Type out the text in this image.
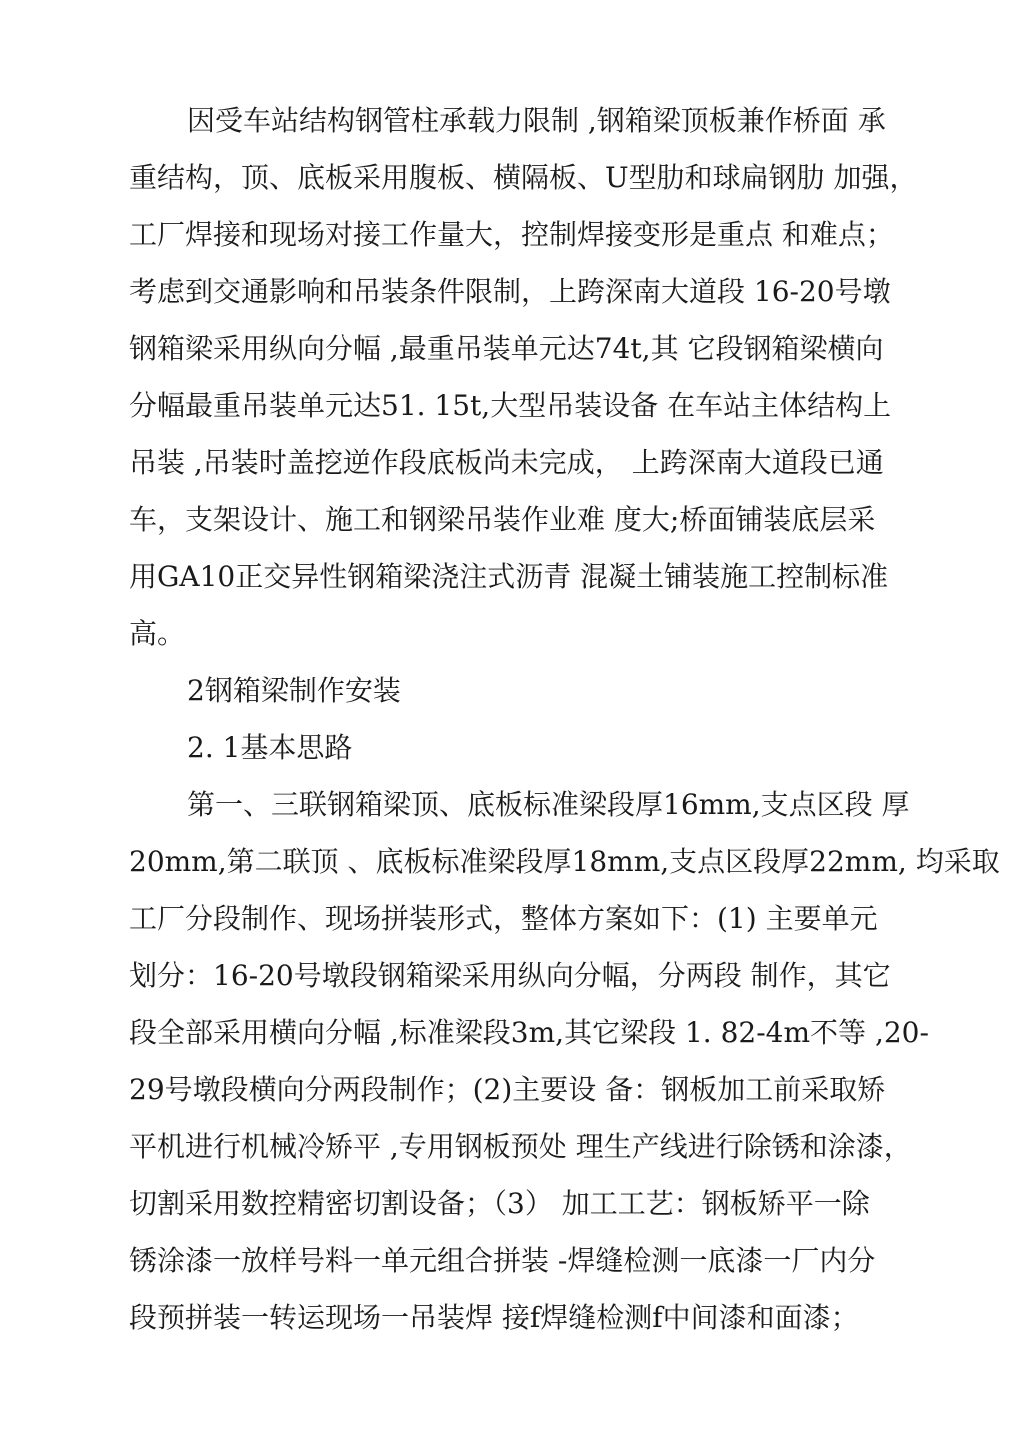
因受车站结构钢管柱承载力限制 ,钢箱梁顶板兼作桥面 承
重结构，顶、底板采用腹板、横隔板、U型肋和球扁钢肋 加强，
工厂焊接和现场对接工作量大，控制焊接变形是重点 和难点；
考虑到交通影响和吊装条件限制，上跨深南大道段 16-20号墩
钢箱梁采用纵向分幅 ,最重吊装单元达74t,其 它段钢箱梁横向
分幅最重吊装单元达51. 15t,大型吊装设备 在车站主体结构上
吊装 ,吊装时盖挖逆作段底板尚未完成， 上跨深南大道段已通
车，支架设计、施工和钢梁吊装作业难 度大;桥面铺装底层采
用GA10正交异性钢箱梁浇注式沥青 混凝土铺装施工控制标准
高。
2钢箱梁制作安装
2. 1基本思路
第一、三联钢箱梁顶、底板标准梁段厚16mm,支点区段 厚
20mm,第二联顶 、底板标准梁段厚18mm,支点区段厚22mm, 均采取
工厂分段制作、现场拼装形式，整体方案如下：(1) 主要单元
划分：16-20号墩段钢箱梁采用纵向分幅，分两段 制作，其它
段全部采用横向分幅 ,标准梁段3m,其它梁段 1. 82-4m不等 ,20-
29号墩段横向分两段制作；(2)主要设 备：钢板加工前采取矫
平机进行机械冷矫平 ,专用钢板预处 理生产线进行除锈和涂漆，
切割采用数控精密切割设备；（3） 加工工艺：钢板矫平一除
锈涂漆一放样号料一单元组合拼装 -焊缝检测一底漆一厂内分
段预拼装一转运现场一吊装焊 接f焊缝检测f中间漆和面漆；
